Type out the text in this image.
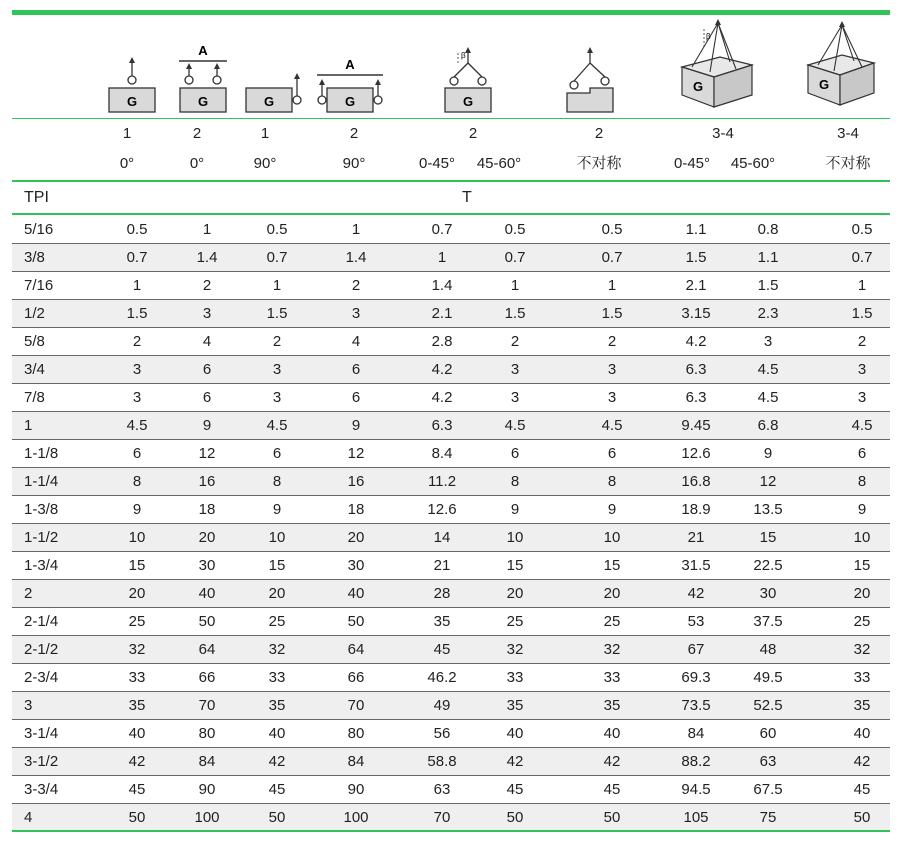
G	G
A
G	G
A
G
β
G
β
G
1	2	1	2	2	2	3-4	3-4
0°	0°	90°	90°	0-45° 45-60°	不对称	0-45° 45-60°	不对称
TPI	T
5/16	0.5	1	0.5	1	0.7	0.5	0.5	1.1	0.8	0.5
3/8	0.7	1.4	0.7	1.4	1	0.7	0.7	1.5	1.1	0.7
7/16	1	2	1	2	1.4	1	1	2.1	1.5	1
1/2	1.5	3	1.5	3	2.1	1.5	1.5	3.15	2.3	1.5
5/8	2	4	2	4	2.8	2	2	4.2	3	2
3/4	3	6	3	6	4.2	3	3	6.3	4.5	3
7/8	3	6	3	6	4.2	3	3	6.3	4.5	3
1	4.5	9	4.5	9	6.3	4.5	4.5	9.45	6.8	4.5
1-1/8	6	12	6	12	8.4	6	6	12.6	9	6
1-1/4	8	16	8	16	11.2	8	8	16.8	12	8
1-3/8	9	18	9	18	12.6	9	9	18.9	13.5	9
1-1/2	10	20	10	20	14	10	10	21	15	10
1-3/4	15	30	15	30	21	15	15	31.5	22.5	15
2	20	40	20	40	28	20	20	42	30	20
2-1/4	25	50	25	50	35	25	25	53	37.5	25
2-1/2	32	64	32	64	45	32	32	67	48	32
2-3/4	33	66	33	66	46.2	33	33	69.3	49.5	33
3	35	70	35	70	49	35	35	73.5	52.5	35
3-1/4	40	80	40	80	56	40	40	84	60	40
3-1/2	42	84	42	84	58.8	42	42	88.2	63	42
3-3/4	45	90	45	90	63	45	45	94.5	67.5	45
4	50	100	50	100	70	50	50	105	75	50
